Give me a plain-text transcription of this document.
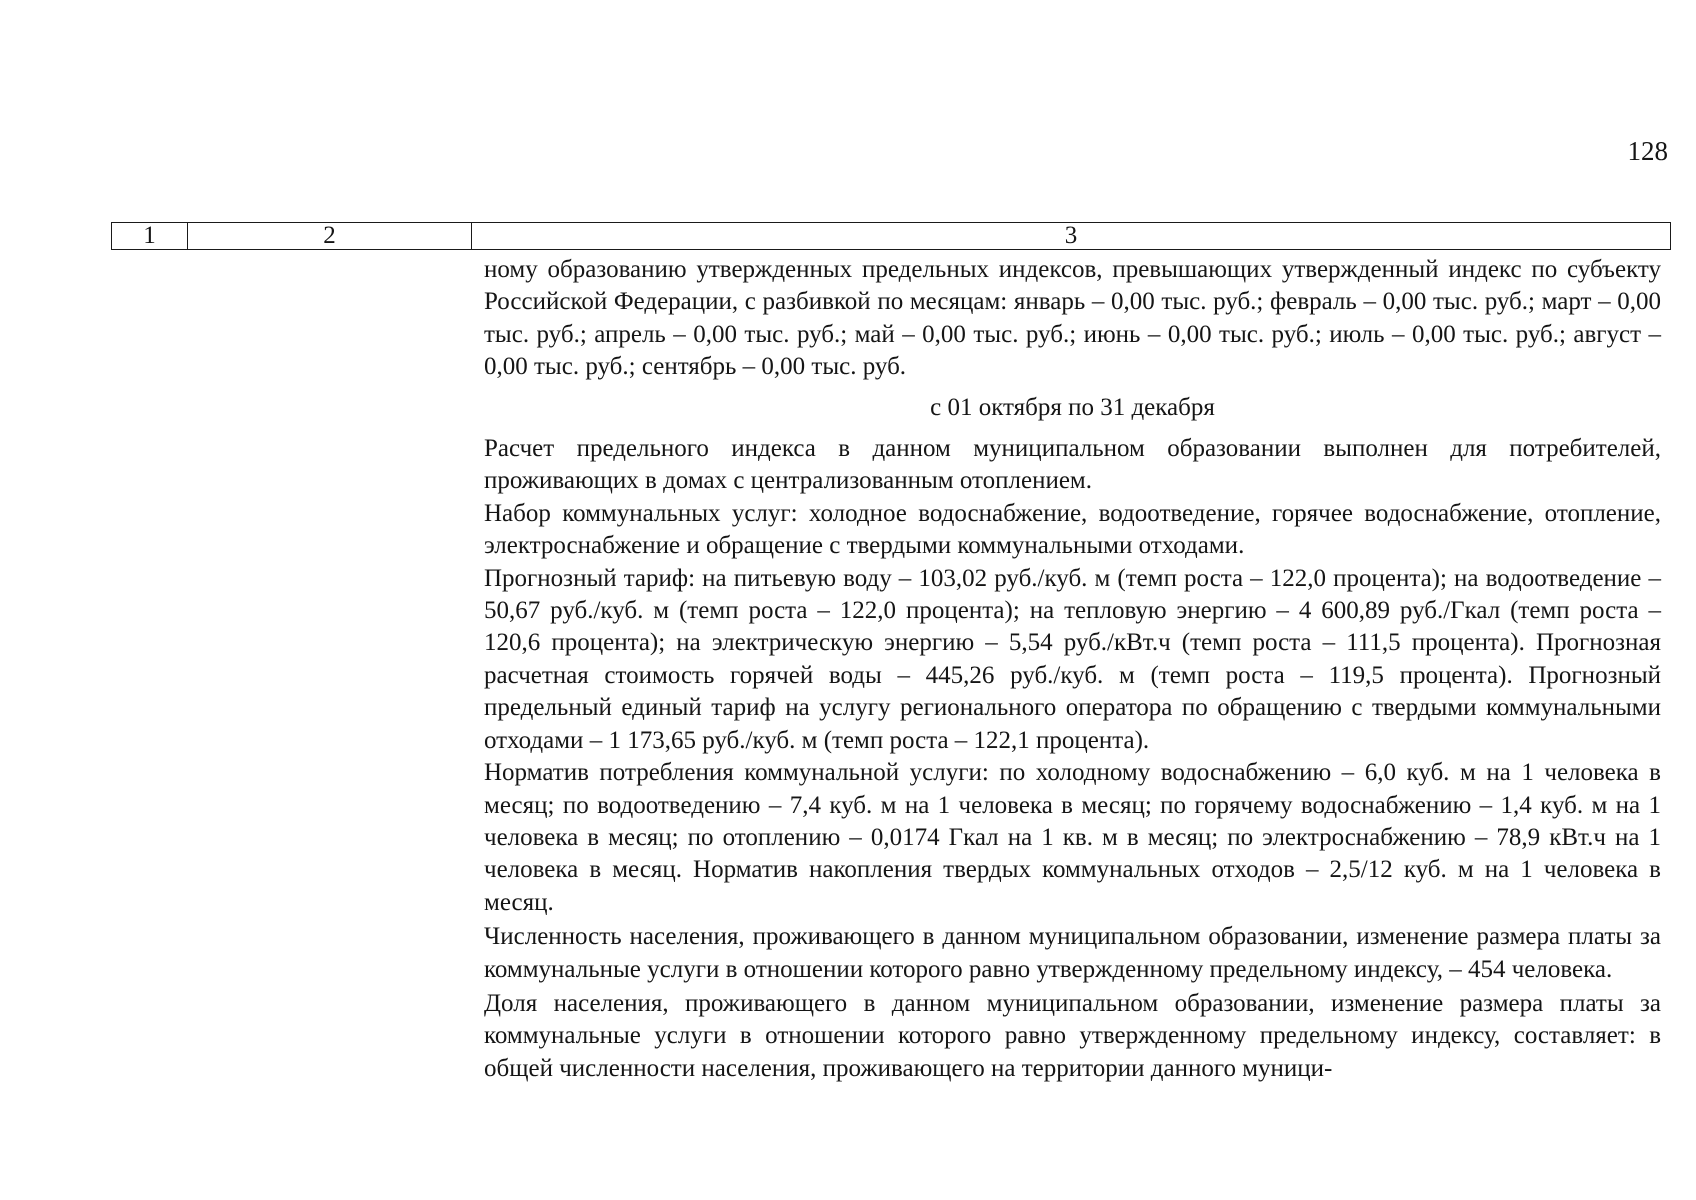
128
1	2	3

ному образованию утвержденных предельных индексов, превышающих утвержденный индекс по субъекту Российской Федерации, с разбивкой по месяцам: январь – 0,00 тыс. руб.; февраль – 0,00 тыс. руб.; март – 0,00 тыс. руб.; апрель – 0,00 тыс. руб.; май – 0,00 тыс. руб.; июнь – 0,00 тыс. руб.; июль – 0,00 тыс. руб.; август – 0,00 тыс. руб.; сентябрь – 0,00 тыс. руб.

с 01 октября по 31 декабря

Расчет предельного индекса в данном муниципальном образовании выполнен для потребителей, проживающих в домах с централизованным отоплением.

Набор коммунальных услуг: холодное водоснабжение, водоотведение, горячее водоснабжение, отопление, электроснабжение и обращение с твердыми коммунальными отходами.

Прогнозный тариф: на питьевую воду – 103,02 руб./куб. м (темп роста – 122,0 процента); на водоотведение – 50,67 руб./куб. м (темп роста – 122,0 процента); на тепловую энергию – 4 600,89 руб./Гкал (темп роста – 120,6 процента); на электрическую энергию – 5,54 руб./кВт.ч (темп роста – 111,5 процента). Прогнозная расчетная стоимость горячей воды – 445,26 руб./куб. м (темп роста – 119,5 процента). Прогнозный предельный единый тариф на услугу регионального оператора по обращению с твердыми коммунальными отходами – 1 173,65 руб./куб. м (темп роста – 122,1 процента).

Норматив потребления коммунальной услуги: по холодному водоснабжению – 6,0 куб. м на 1 человека в месяц; по водоотведению – 7,4 куб. м на 1 человека в месяц; по горячему водоснабжению – 1,4 куб. м на 1 человека в месяц; по отоплению – 0,0174 Гкал на 1 кв. м в месяц; по электроснабжению – 78,9 кВт.ч на 1 человека в месяц. Норматив накопления твердых коммунальных отходов – 2,5/12 куб. м на 1 человека в месяц.

Численность населения, проживающего в данном муниципальном образовании, изменение размера платы за коммунальные услуги в отношении которого равно утвержденному предельному индексу, – 454 человека.

Доля населения, проживающего в данном муниципальном образовании, изменение размера платы за коммунальные услуги в отношении которого равно утвержденному предельному индексу, составляет: в общей численности населения, проживающего на территории данного муници-
